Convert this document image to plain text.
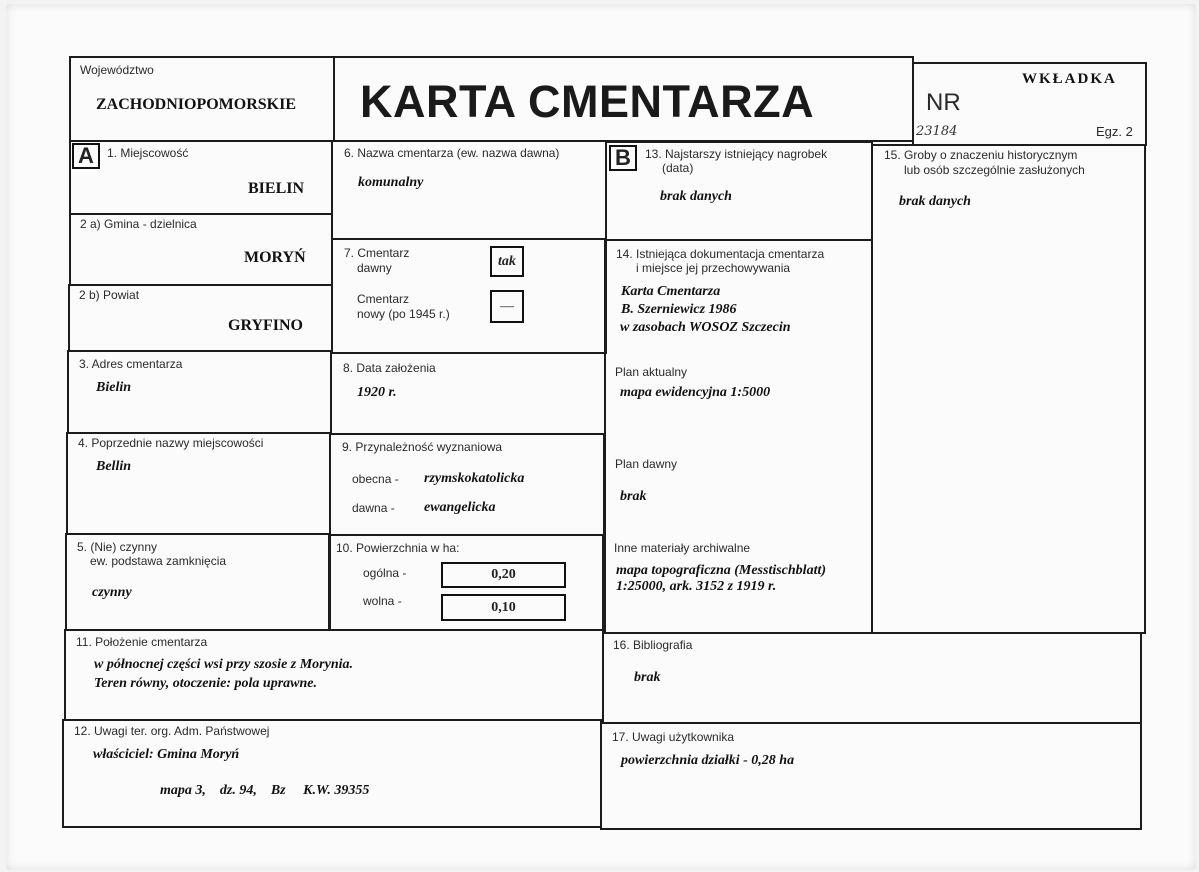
Województwo
ZACHODNIOPOMORSKIE KARTA CMENTARZA	WKŁADKA
NR
23184	Egz. 2
A	1. Miejscowość
BIELIN
2 a) Gmina - dzielnica
MORYŃ
2 b) Powiat
GRYFINO
3. Adres cmentarza
Bielin
4. Poprzednie nazwy miejscowości
Bellin
5. (Nie) czynny
ew. podstawa zamknięcia
czynny
6. Nazwa cmentarza (ew. nazwa dawna)
komunalny
7. Cmentarz
dawny	tak
Cmentarz
nowy (po 1945 r.)
—
8. Data założenia
1920 r.
9. Przynależność wyznaniowa
obecna - rzymskokatolicka
dawna - ewangelicka
10. Powierzchnia w ha:
ogólna -	0,20
wolna -	0,10
B	13. Najstarszy istniejący nagrobek
(data)
brak danych
14. Istniejąca dokumentacja cmentarza
i miejsce jej przechowywania
Karta Cmentarza
B. Szerniewicz 1986
w zasobach WOSOZ Szczecin
Plan aktualny
mapa ewidencyjna 1:5000
Plan dawny
brak
Inne materiały archiwalne
mapa topograficzna (Messtischblatt)
1:25000, ark. 3152 z 1919 r.
15. Groby o znaczeniu historycznym
lub osób szczególnie zasłużonych
brak danych
11. Położenie cmentarza
w północnej części wsi przy szosie z Morynia.
Teren równy, otoczenie: pola uprawne.
16. Bibliografia
brak
12. Uwagi ter. org. Adm. Państwowej
właściciel: Gmina Moryń
mapa 3,    dz. 94,    Bz     K.W. 39355
17. Uwagi użytkownika
powierzchnia działki - 0,28 ha
